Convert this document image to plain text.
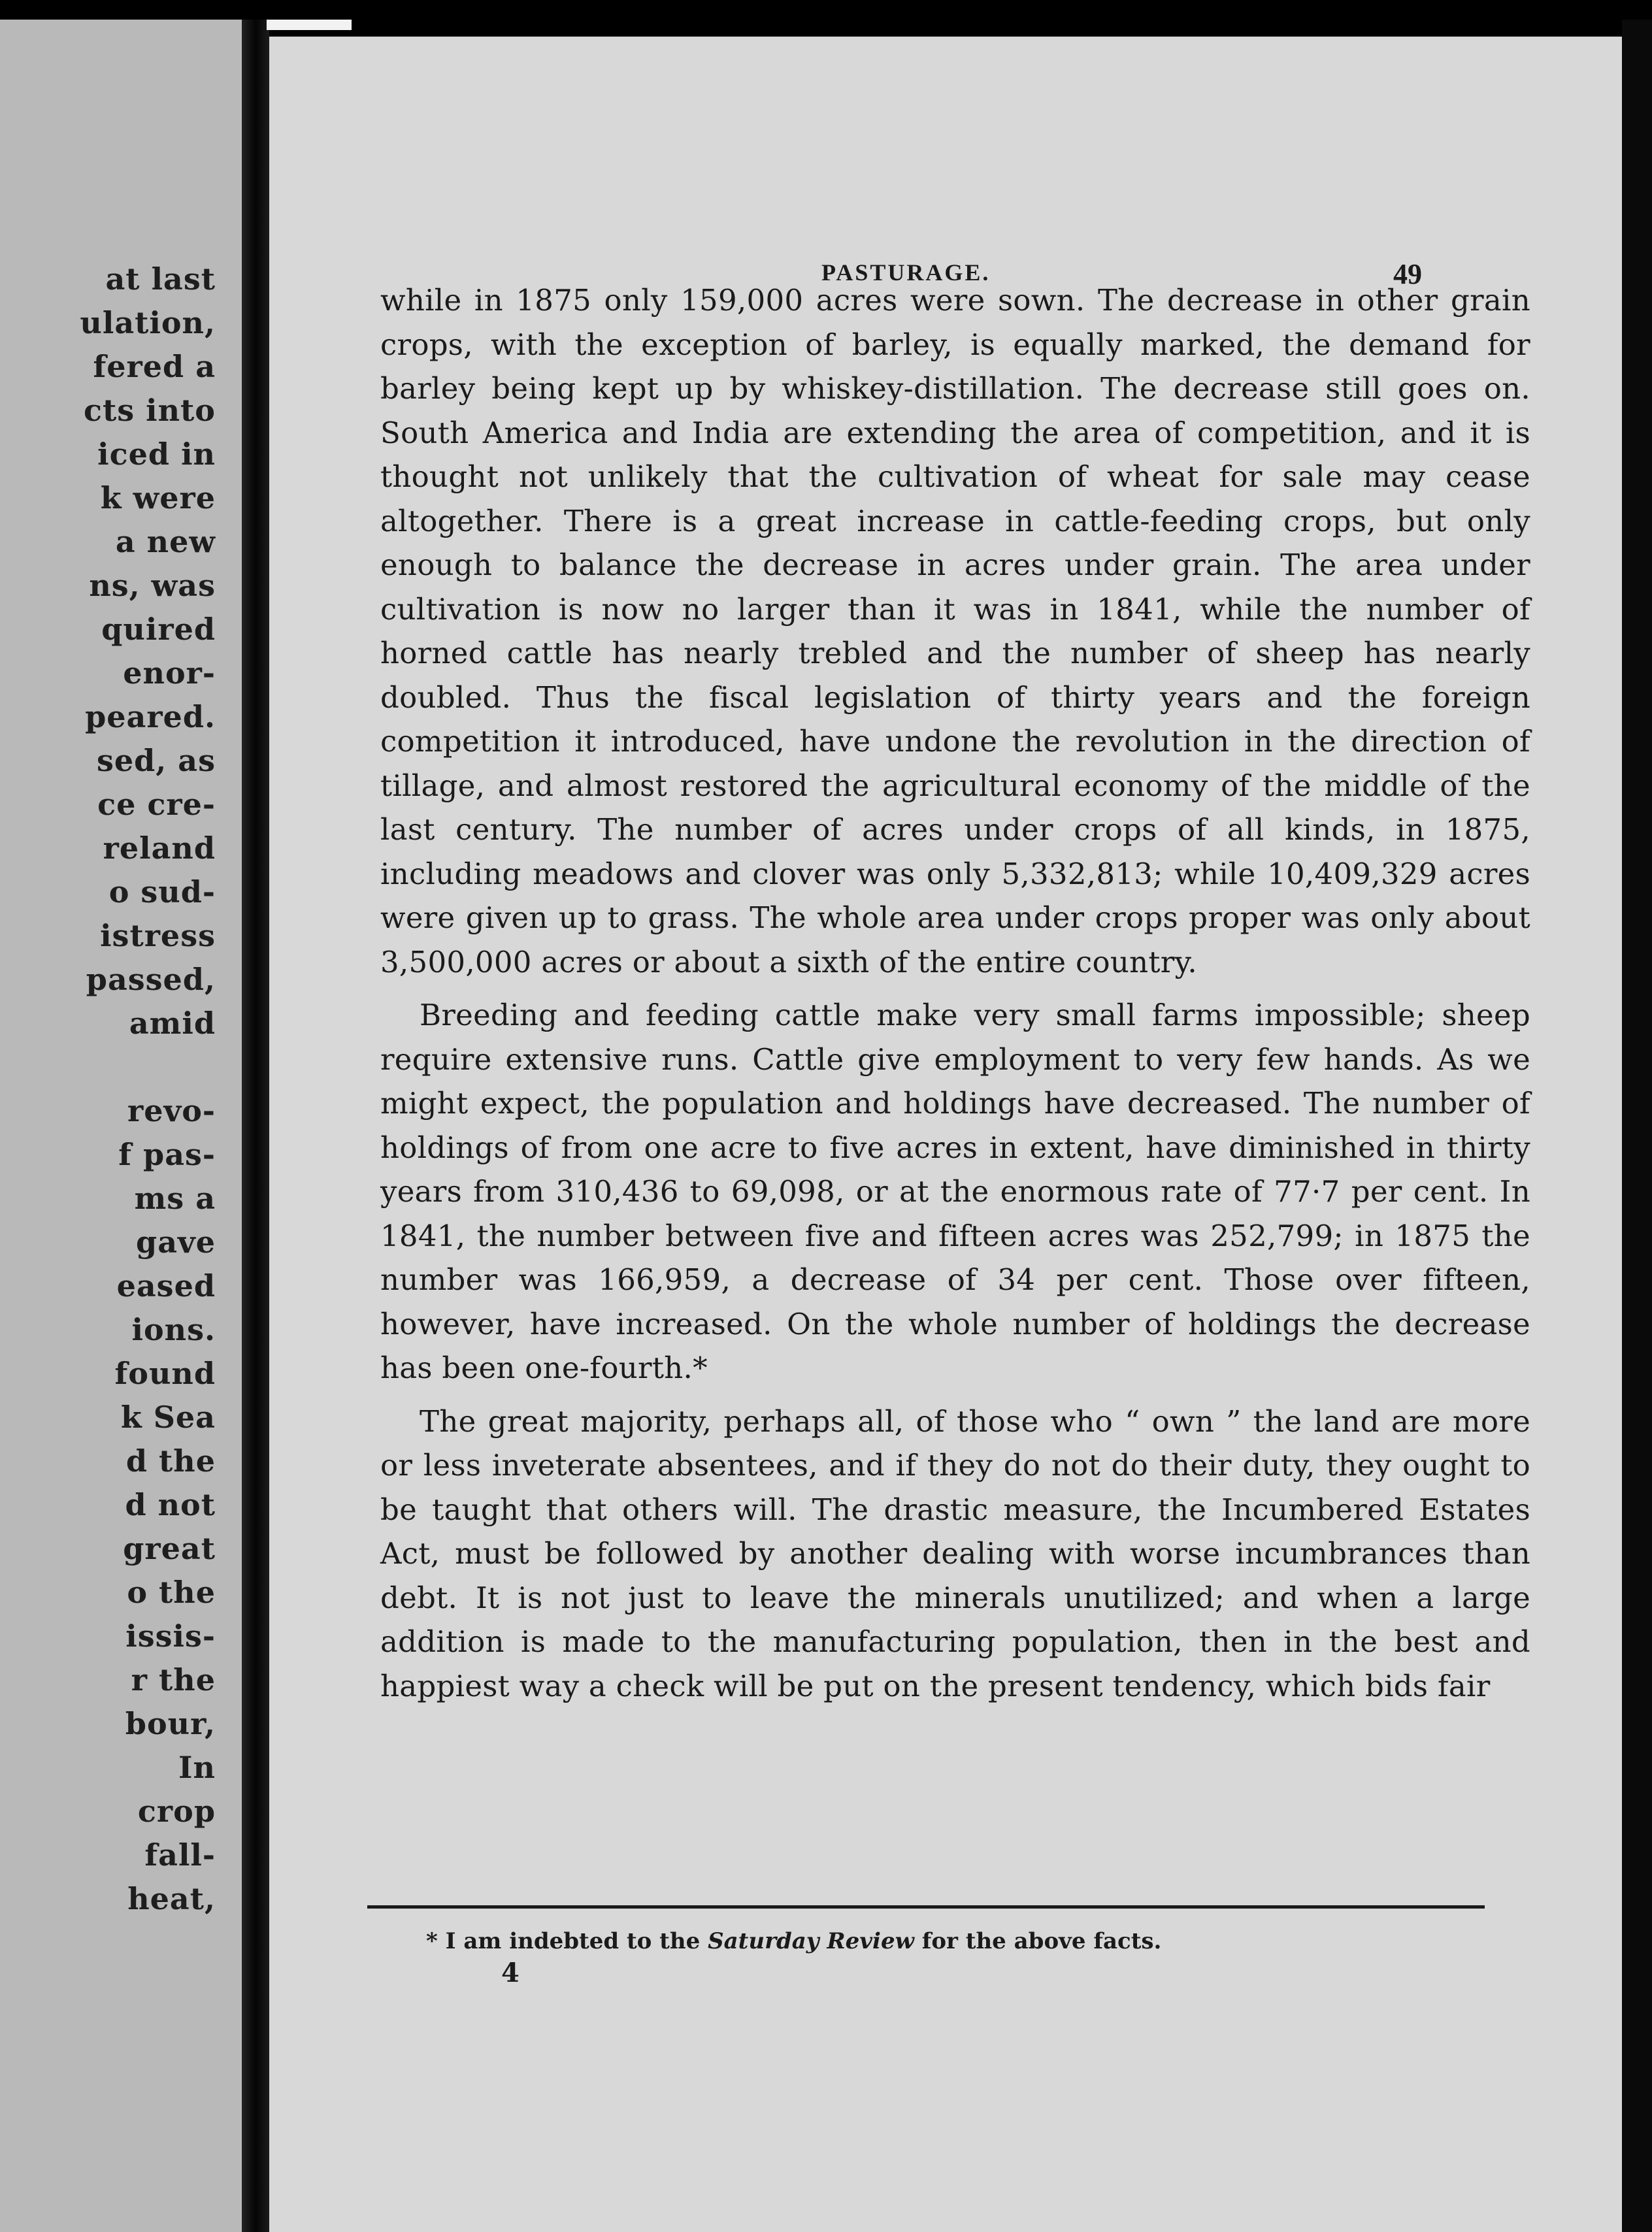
at last
ulation,
fered a
cts into
iced in
k were
a new
ns, was
quired
enor-
peared.
sed, as
ce cre-
reland
o sud-
istress
passed,
amid
revo-
f pas-
ms a
gave
eased
ions.
found
k Sea
d the
d not
great
o the
issis-
r the
bour,
In
crop
fall-
heat,
PASTURAGE.	49

while in 1875 only 159,000 acres were sown. The decrease in other grain crops, with the exception of barley, is equally marked, the demand for barley being kept up by whiskey-distillation. The decrease still goes on. South America and India are extending the area of competition, and it is thought not unlikely that the cultivation of wheat for sale may cease altogether. There is a great increase in cattle-feeding crops, but only enough to balance the decrease in acres under grain. The area under cultivation is now no larger than it was in 1841, while the number of horned cattle has nearly trebled and the number of sheep has nearly doubled. Thus the fiscal legislation of thirty years and the foreign competition it introduced, have undone the revolution in the direction of tillage, and almost restored the agricultural economy of the middle of the last century. The number of acres under crops of all kinds, in 1875, including meadows and clover was only 5,332,813; while 10,409,329 acres were given up to grass. The whole area under crops proper was only about 3,500,000 acres or about a sixth of the entire country.

Breeding and feeding cattle make very small farms impossible; sheep require extensive runs. Cattle give employment to very few hands. As we might expect, the population and holdings have decreased. The number of holdings of from one acre to five acres in extent, have diminished in thirty years from 310,436 to 69,098, or at the enormous rate of 77·7 per cent. In 1841, the number between five and fifteen acres was 252,799; in 1875 the number was 166,959, a decrease of 34 per cent. Those over fifteen, however, have increased. On the whole number of holdings the decrease has been one-fourth.*

The great majority, perhaps all, of those who “ own ” the land are more or less inveterate absentees, and if they do not do their duty, they ought to be taught that others will. The drastic measure, the Incumbered Estates Act, must be followed by another dealing with worse incumbrances than debt. It is not just to leave the minerals unutilized; and when a large addition is made to the manufacturing population, then in the best and happiest way a check will be put on the present tendency, which bids fair

* I am indebted to the Saturday Review for the above facts.
4
